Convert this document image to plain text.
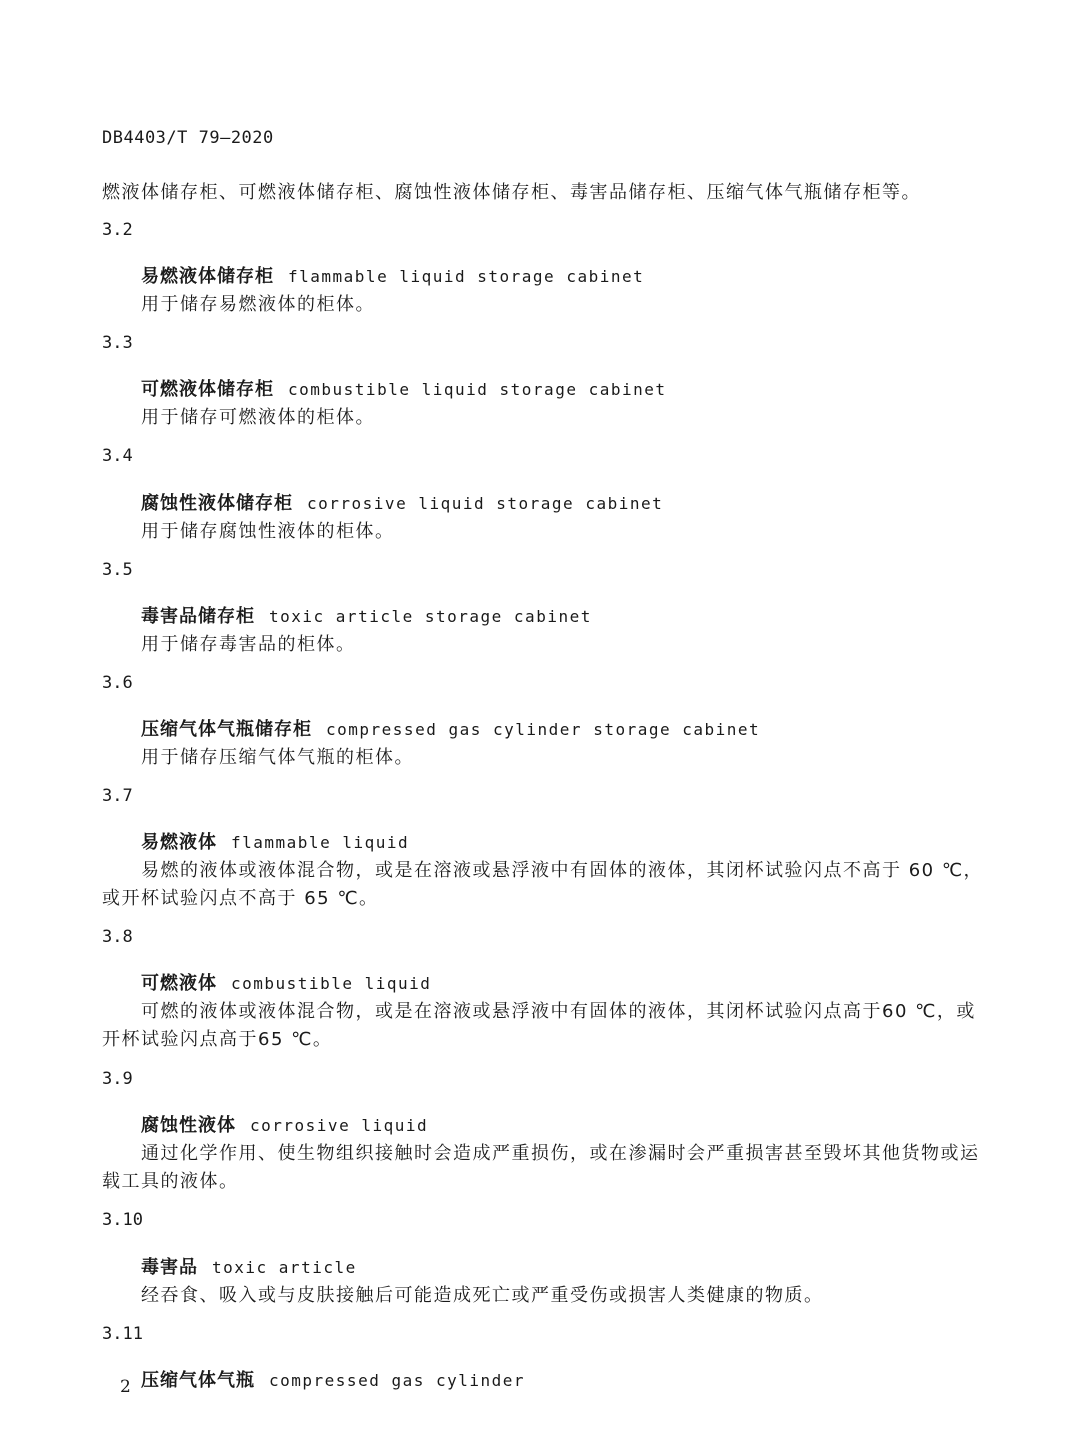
DB4403/T 79—2020
燃液体储存柜、可燃液体储存柜、腐蚀性液体储存柜、毒害品储存柜、压缩气体气瓶储存柜等。
3.2
易燃液体储存柜 flammable liquid storage cabinet
用于储存易燃液体的柜体。
3.3
可燃液体储存柜 combustible liquid storage cabinet
用于储存可燃液体的柜体。
3.4
腐蚀性液体储存柜 corrosive liquid storage cabinet
用于储存腐蚀性液体的柜体。
3.5
毒害品储存柜 toxic article storage cabinet
用于储存毒害品的柜体。
3.6
压缩气体气瓶储存柜 compressed gas cylinder storage cabinet
用于储存压缩气体气瓶的柜体。
3.7
易燃液体 flammable liquid
易燃的液体或液体混合物，或是在溶液或悬浮液中有固体的液体，其闭杯试验闪点不高于 60 ℃，
或开杯试验闪点不高于 65 ℃。
3.8
可燃液体 combustible liquid
可燃的液体或液体混合物，或是在溶液或悬浮液中有固体的液体，其闭杯试验闪点高于60 ℃，或
开杯试验闪点高于65 ℃。
3.9
腐蚀性液体 corrosive liquid
通过化学作用、使生物组织接触时会造成严重损伤，或在渗漏时会严重损害甚至毁坏其他货物或运
载工具的液体。
3.10
毒害品 toxic article
经吞食、吸入或与皮肤接触后可能造成死亡或严重受伤或损害人类健康的物质。
3.11
压缩气体气瓶 compressed gas cylinder
2
